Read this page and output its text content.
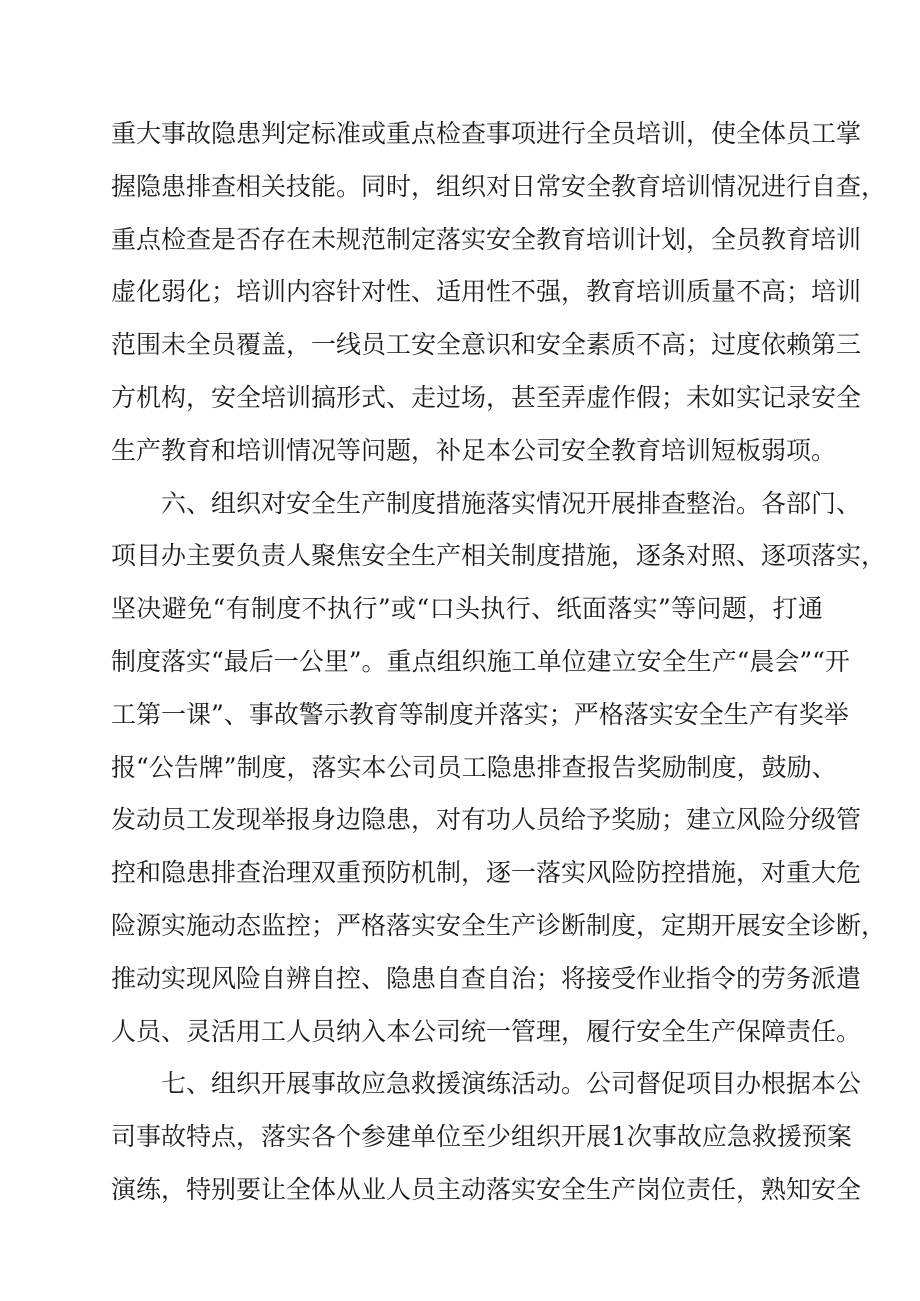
重大事故隐患判定标准或重点检查事项进行全员培训，使全体员工掌
握隐患排查相关技能。同时，组织对日常安全教育培训情况进行自查，
重点检查是否存在未规范制定落实安全教育培训计划，全员教育培训
虚化弱化；培训内容针对性、适用性不强，教育培训质量不高；培训
范围未全员覆盖，一线员工安全意识和安全素质不高；过度依赖第三
方机构，安全培训搞形式、走过场，甚至弄虚作假；未如实记录安全
生产教育和培训情况等问题，补足本公司安全教育培训短板弱项。
六、组织对安全生产制度措施落实情况开展排查整治。各部门、
项目办主要负责人聚焦安全生产相关制度措施，逐条对照、逐项落实，
坚决避免“有制度不执行”或“口头执行、纸面落实”等问题，打通
制度落实“最后一公里”。重点组织施工单位建立安全生产“晨会”“开
工第一课”、事故警示教育等制度并落实；严格落实安全生产有奖举
报“公告牌”制度，落实本公司员工隐患排查报告奖励制度，鼓励、
发动员工发现举报身边隐患，对有功人员给予奖励；建立风险分级管
控和隐患排查治理双重预防机制，逐一落实风险防控措施，对重大危
险源实施动态监控；严格落实安全生产诊断制度，定期开展安全诊断，
推动实现风险自辨自控、隐患自查自治；将接受作业指令的劳务派遣
人员、灵活用工人员纳入本公司统一管理，履行安全生产保障责任。
七、组织开展事故应急救援演练活动。公司督促项目办根据本公
司事故特点，落实各个参建单位至少组织开展1次事故应急救援预案
演练，特别要让全体从业人员主动落实安全生产岗位责任，熟知安全
